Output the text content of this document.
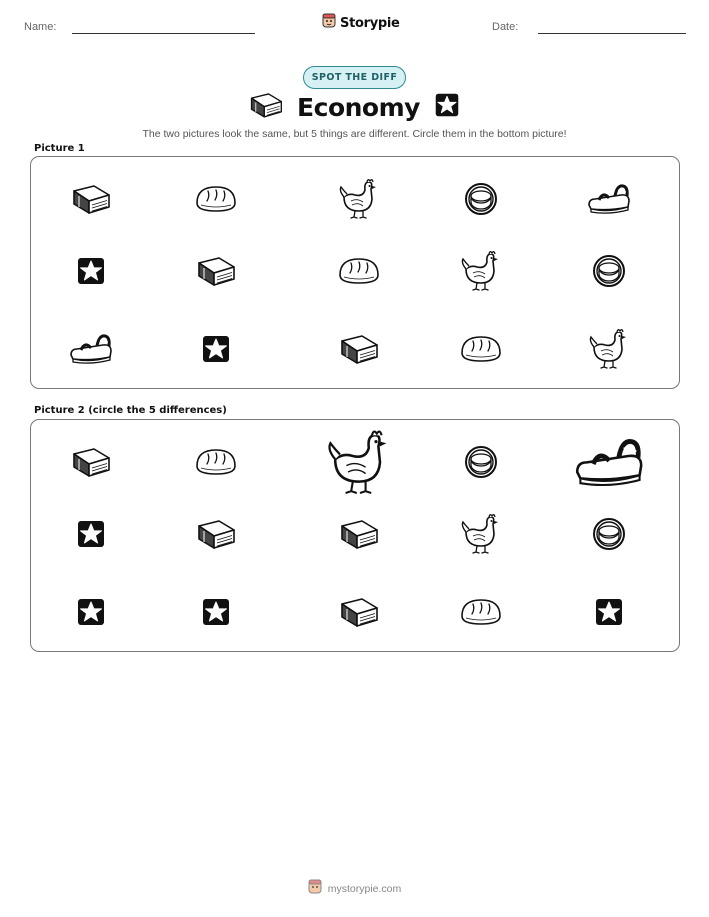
Name:	Storypie	Date:
SPOT THE DIFF
Economy
The two pictures look the same, but 5 things are different. Circle them in the bottom picture!
Picture 1
Picture 2 (circle the 5 differences)
mystorypie.com
